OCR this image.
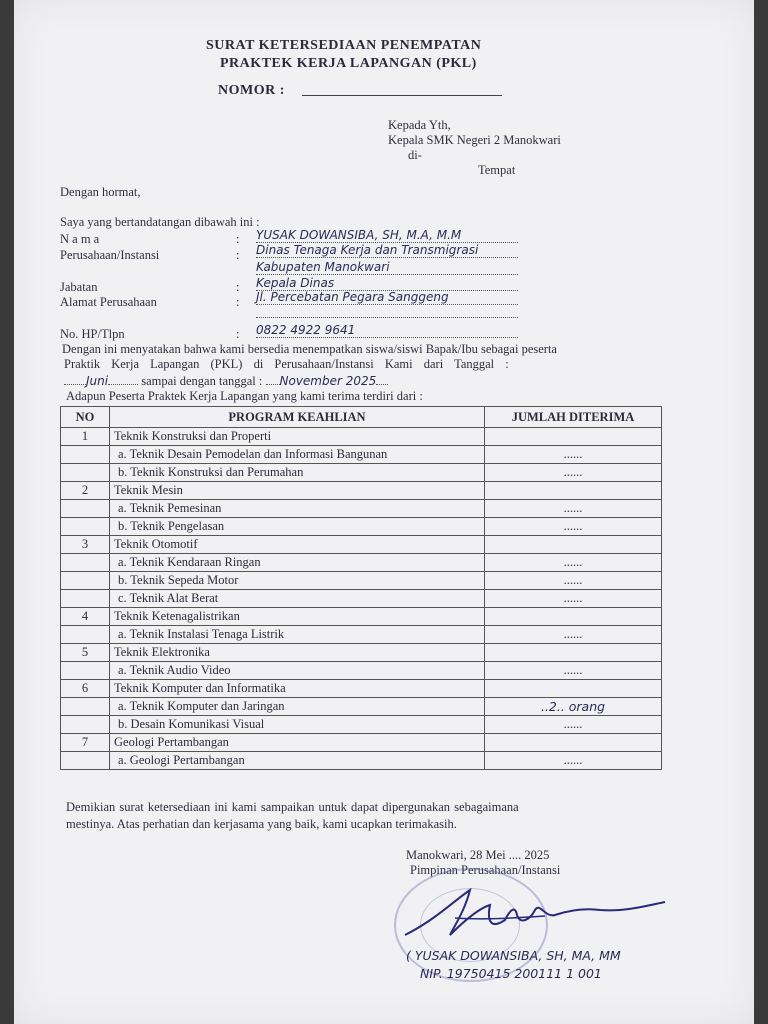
SURAT KETERSEDIAAN PENEMPATAN
PRAKTEK KERJA LAPANGAN (PKL)
NOMOR :
Kepada Yth,
Kepala SMK Negeri 2 Manokwari
di-
Tempat
Dengan hormat,
Saya yang bertandatangan dibawah ini :
N a m a	: YUSAK DOWANSIBA, SH, M.A, M.M
Perusahaan/Instansi	: Dinas Tenaga Kerja dan Transmigrasi
Kabupaten Manokwari
Jabatan	: Kepala Dinas
Alamat Perusahaan	: Jl. Percebatan Pegara Sanggeng
No. HP/Tlpn	: 0822 4922 9641
Dengan ini menyatakan bahwa kami bersedia menempatkan siswa/siswi Bapak/Ibu sebagai peserta
Praktik Kerja Lapangan (PKL) di Perusahaan/Instansi Kami dari Tanggal :
Juni	sampai dengan tanggal : November 2025
Adapun Peserta Praktek Kerja Lapangan yang kami terima terdiri dari :
NO	PROGRAM KEAHLIAN	JUMLAH DITERIMA
1	Teknik Konstruksi dan Properti	
	a. Teknik Desain Pemodelan dan Informasi Bangunan	......
	b. Teknik Konstruksi dan Perumahan	......
2	Teknik Mesin	
	a. Teknik Pemesinan	......
	b. Teknik Pengelasan	......
3	Teknik Otomotif	
	a. Teknik Kendaraan Ringan	......
	b. Teknik Sepeda Motor	......
	c. Teknik Alat Berat	......
4	Teknik Ketenagalistrikan	
	a. Teknik Instalasi Tenaga Listrik	......
5	Teknik Elektronika	
	a. Teknik Audio Video	......
6	Teknik Komputer dan Informatika	
	a. Teknik Komputer dan Jaringan	..2.. orang
	b. Desain Komunikasi Visual	......
7	Geologi Pertambangan	
	a. Geologi Pertambangan	......
Demikian surat ketersediaan ini kami sampaikan untuk dapat dipergunakan sebagaimana
mestinya. Atas perhatian dan kerjasama yang baik, kami ucapkan terimakasih.
Manokwari, 28 Mei .... 2025
Pimpinan Perusahaan/Instansi
( YUSAK DOWANSIBA, SH, MA, MM
NIP. 19750415 200111 1 001
